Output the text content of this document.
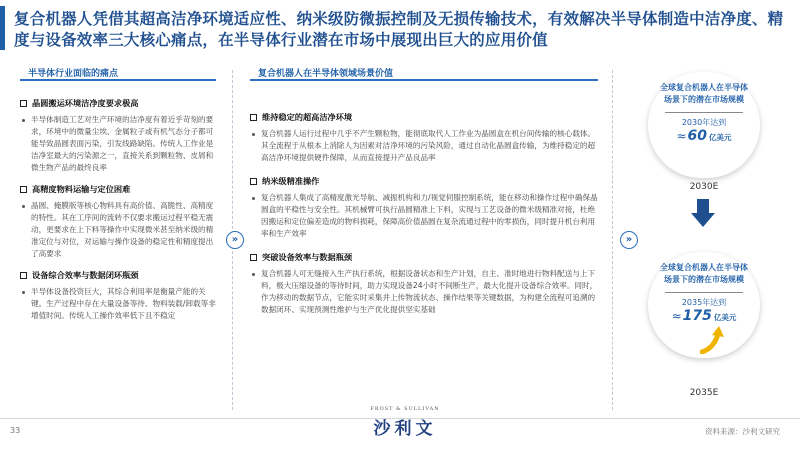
复合机器人凭借其超高洁净环境适应性、纳米级防微振控制及无损传输技术，有效解决半导体制造中洁净度、精度与设备效率三大核心痛点，在半导体行业潜在市场中展现出巨大的应用价值
半导体行业面临的痛点
晶圆搬运环境洁净度要求极高

半导体制造工艺对生产环境的洁净度有着近乎苛刻的要求，环境中的微量尘埃、金属粒子或有机气态分子都可能导致晶圆表面污染，引发线路缺陷。传统人工作业是洁净室最大的污染源之一，直接关系到颗粒物、皮屑和微生物产品的最终良率

高精度物料运输与定位困难

晶圆、掩膜版等核心物料具有高价值、高脆性、高精度的特性。其在工序间的流转不仅要求搬运过程平稳无震动，更要求在上下料等操作中实现微米甚至纳米级的精准定位与对位，对运输与操作设备的稳定性和精度提出了高要求

设备综合效率与数据闭环瓶颈

半导体设备投资巨大，其综合利用率是衡量产能的关键。生产过程中存在大量设备等待、物料装载/卸载等非增值时间。传统人工操作效率低下且不稳定

»
复合机器人在半导体领域场景价值
维持稳定的超高洁净环境

复合机器人运行过程中几乎不产生颗粒物，能彻底取代人工作业为晶圆盒在机台间传输的核心载体。其全流程于从根本上消除人为因素对洁净环境的污染风险，通过自动化晶圆盒传输，为维持稳定的超高洁净环境提供硬件保障，从而直接提升产品良品率

纳米级精准操作

复合机器人集成了高精度激光导航、减振机构和力/视觉伺服控制系统，能在移动和操作过程中确保晶圆盒的平稳性与安全性。其机械臂可执行晶圆精准上下料，实现与工艺设备的微米级精准对接，杜绝因搬运和定位偏差造成的物料损耗，保障高价值晶圆在复杂流通过程中的零损伤，同时提升机台利用率和生产效率

突破设备效率与数据瓶颈

复合机器人可无缝接入生产执行系统，根据设备状态和生产计划，自主、准时地进行物料配送与上下料，极大压缩设备的等待时间，助力实现设备24小时不间断生产，最大化提升设备综合效率。同时，作为移动的数据节点，它能实时采集并上传物流状态、操作结果等关键数据，为构建全流程可追溯的数据闭环、实现预测性维护与生产优化提供坚实基础

»
全球复合机器人在半导体场景下的潜在市场规模
2030年达到
≈ 60 亿美元
2030E
全球复合机器人在半导体场景下的潜在市场规模
2035年达到
≈ 175 亿美元
2035E
33
FROST & SULLIVAN
沙利文	资料来源：沙利文研究
